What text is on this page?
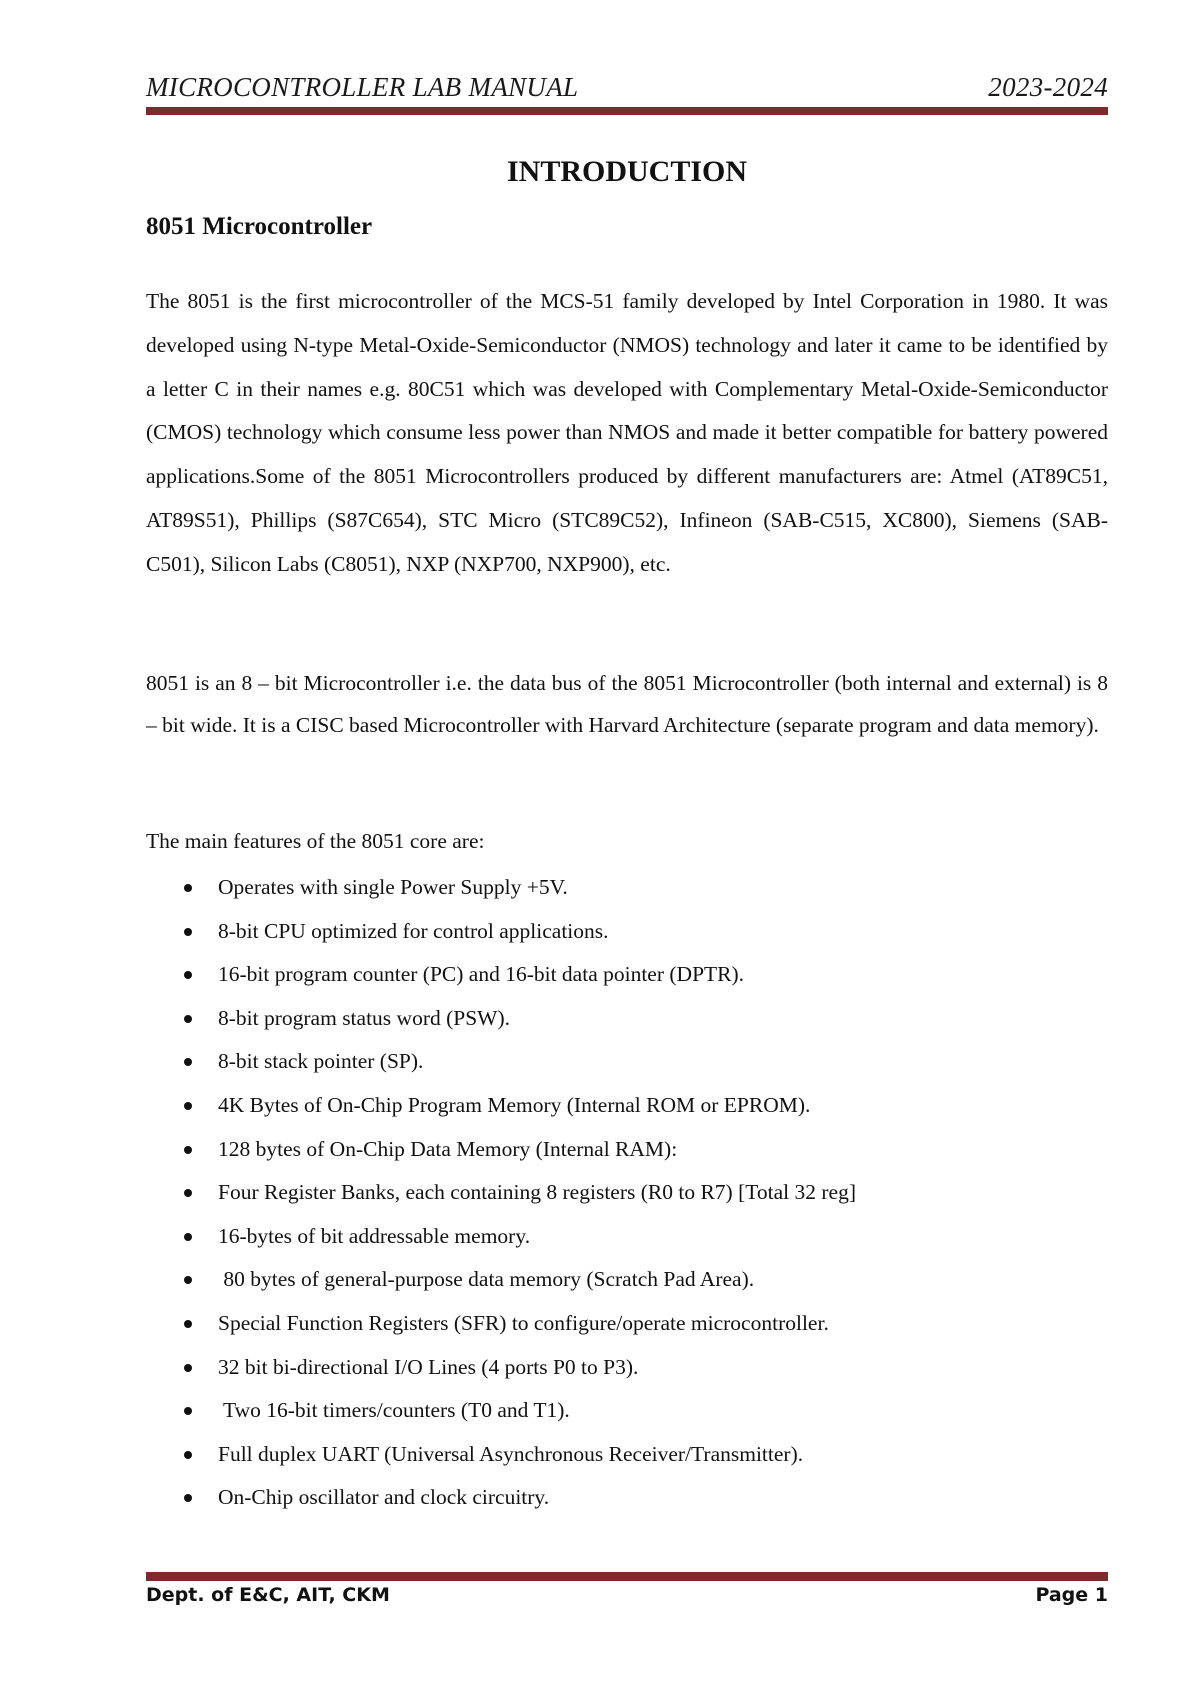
MICROCONTROLLER LAB MANUAL	2023-2024
INTRODUCTION
8051 Microcontroller

The 8051 is the first microcontroller of the MCS-51 family developed by Intel Corporation in 1980. It was developed using N-type Metal-Oxide-Semiconductor (NMOS) technology and later it came to be identified by a letter C in their names e.g. 80C51 which was developed with Complementary Metal-Oxide-Semiconductor (CMOS) technology which consume less power than NMOS and made it better compatible for battery powered applications.Some of the 8051 Microcontrollers produced by different manufacturers are: Atmel (AT89C51, AT89S51), Phillips (S87C654), STC Micro (STC89C52), Infineon (SAB-C515, XC800), Siemens (SAB-C501), Silicon Labs (C8051), NXP (NXP700, NXP900), etc.

8051 is an 8 – bit Microcontroller i.e. the data bus of the 8051 Microcontroller (both internal and external) is 8 – bit wide. It is a CISC based Microcontroller with Harvard Architecture (separate program and data memory).

The main features of the 8051 core are:

Operates with single Power Supply +5V.
8-bit CPU optimized for control applications.
16-bit program counter (PC) and 16-bit data pointer (DPTR).
8-bit program status word (PSW).
8-bit stack pointer (SP).
4K Bytes of On-Chip Program Memory (Internal ROM or EPROM).
128 bytes of On-Chip Data Memory (Internal RAM):
Four Register Banks, each containing 8 registers (R0 to R7) [Total 32 reg]
16-bytes of bit addressable memory.
80 bytes of general-purpose data memory (Scratch Pad Area).
Special Function Registers (SFR) to configure/operate microcontroller.
32 bit bi-directional I/O Lines (4 ports P0 to P3).
Two 16-bit timers/counters (T0 and T1).
Full duplex UART (Universal Asynchronous Receiver/Transmitter).
On-Chip oscillator and clock circuitry.
Dept. of E&C, AIT, CKM	Page 1
